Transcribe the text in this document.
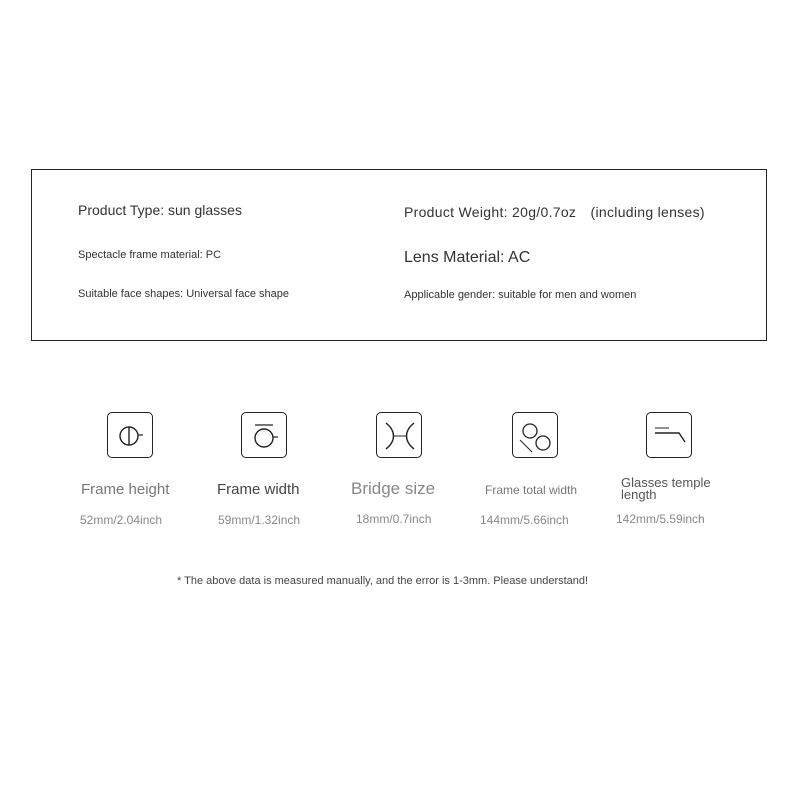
Product Type: sun glasses	Product Weight: 20g/0.7oz　(including lenses)
Spectacle frame material: PC	Lens Material: AC
Suitable face shapes: Universal face shape	Applicable gender: suitable for men and women
Frame height
52mm/2.04inch
Frame width
59mm/1.32inch
Bridge size
18mm/0.7inch
Frame total width
144mm/5.66inch
Glasses temple length
142mm/5.59inch
* The above data is measured manually, and the error is 1-3mm. Please understand!
